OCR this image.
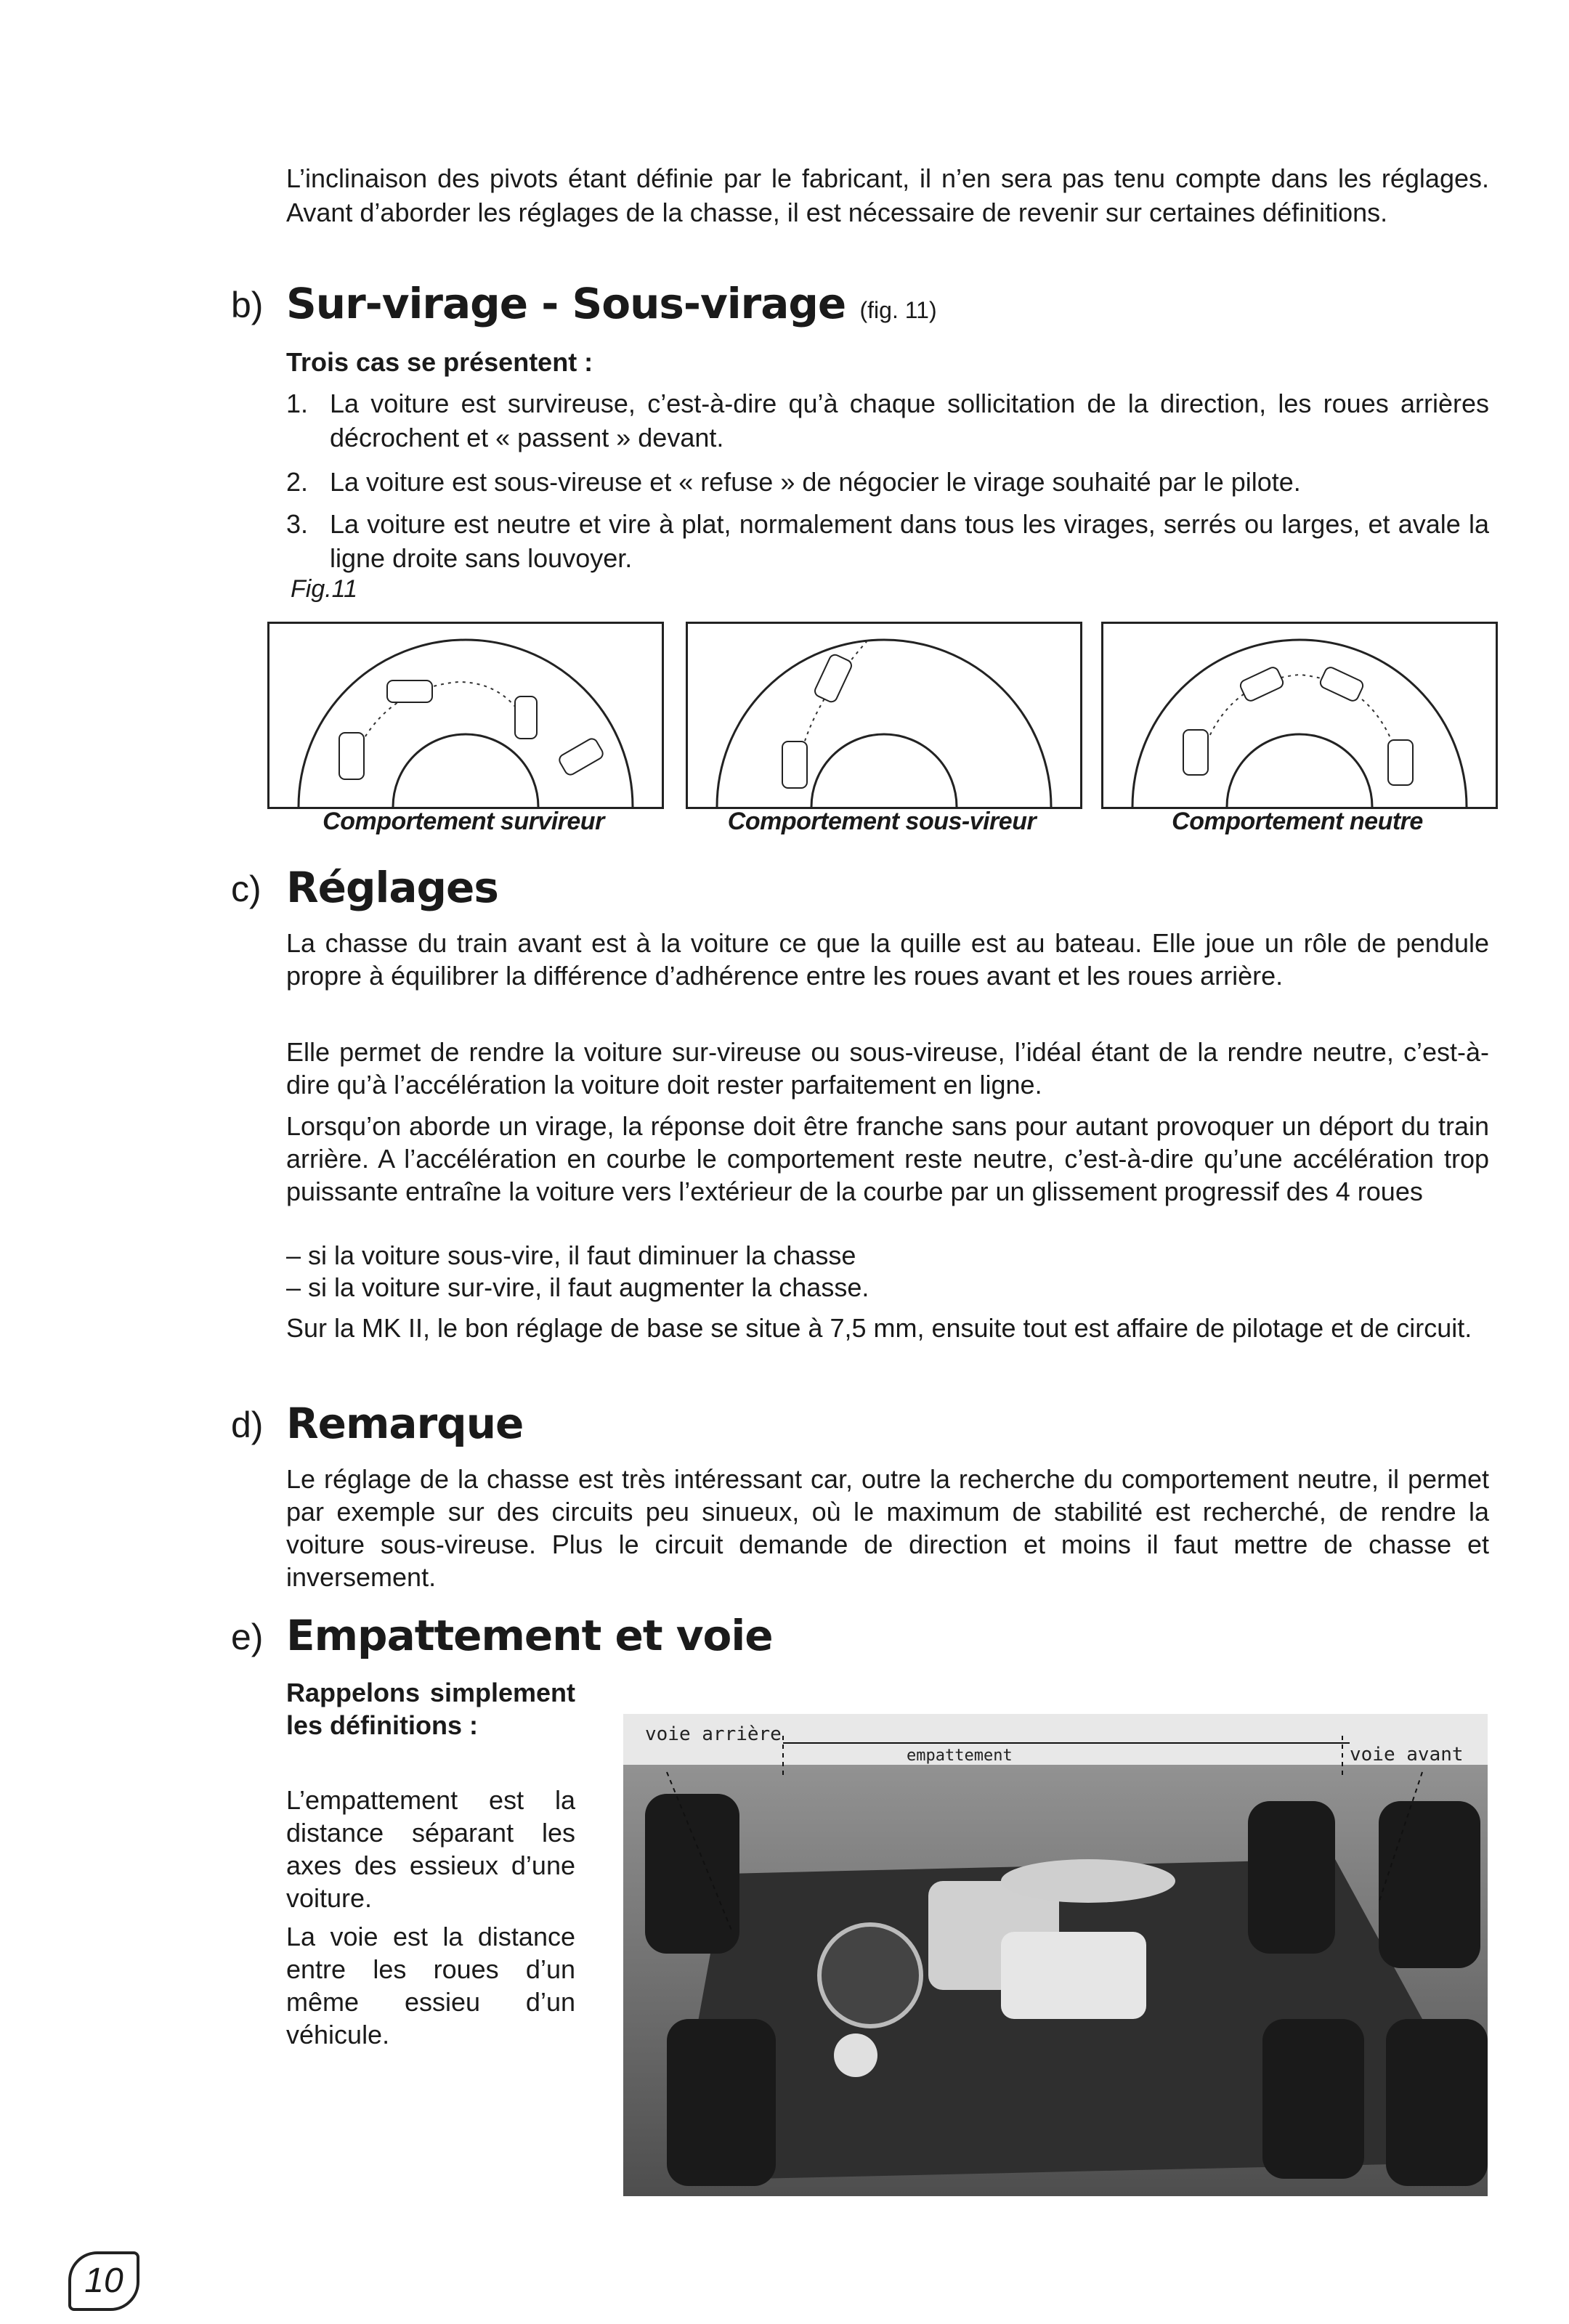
L’inclinaison des pivots étant définie par le fabricant, il n’en sera pas tenu compte dans les réglages. Avant d’aborder les réglages de la chasse, il est nécessaire de revenir sur certaines définitions.

b) Sur-virage - Sous-virage (fig. 11)
Trois cas se présentent :
1. La voiture est survireuse, c’est-à-dire qu’à chaque sollicitation de la direction, les roues arrières décrochent et « passent » devant.

2. La voiture est sous-vireuse et « refuse » de négocier le virage souhaité par le pilote.

3. La voiture est neutre et vire à plat, normalement dans tous les virages, serrés ou larges, et avale la ligne droite sans louvoyer.

Fig.11
Comportement survireur	Comportement sous-vireur	Comportement neutre
c) Réglages

La chasse du train avant est à la voiture ce que la quille est au bateau. Elle joue un rôle de pendule propre à équilibrer la différence d’adhérence entre les roues avant et les roues arrière.

Elle permet de rendre la voiture sur-vireuse ou sous-vireuse, l’idéal étant de la rendre neutre, c’est-à-dire qu’à l’accélération la voiture doit rester parfaitement en ligne.

Lorsqu’on aborde un virage, la réponse doit être franche sans pour autant provoquer un déport du train arrière. A l’accélération en courbe le comportement reste neutre, c’est-à-dire qu’une accélération trop puissante entraîne la voiture vers l’extérieur de la courbe par un glissement progressif des 4 roues

– si la voiture sous-vire, il faut diminuer la chasse

– si la voiture sur-vire, il faut augmenter la chasse.

Sur la MK II, le bon réglage de base se situe à 7,5 mm, ensuite tout est affaire de pilotage et de circuit.

d) Remarque

Le réglage de la chasse est très intéressant car, outre la recherche du comportement neutre, il permet par exemple sur des circuits peu sinueux, où le maximum de stabilité est recherché, de rendre la voiture sous-vireuse. Plus le circuit demande de direction et moins il faut mettre de chasse et inversement.

e) Empattement et voie

Rappelons simplement les définitions :

L’empattement est la distance séparant les axes des essieux d’une voiture.

La voie est la distance entre les roues d’un même essieu d’un véhicule.

voie arrière
empattement	voie avant
10
